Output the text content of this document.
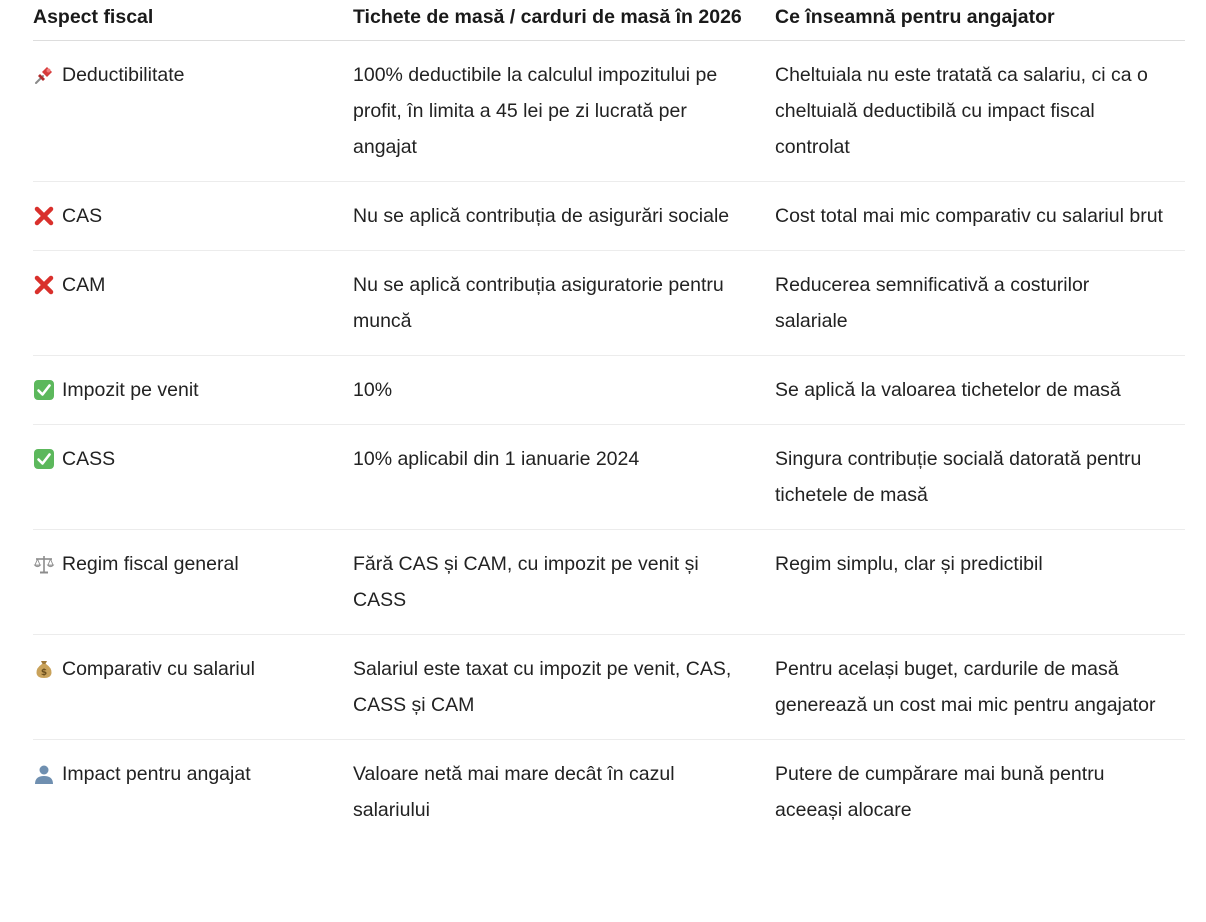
Aspect fiscal	Tichete de masă / carduri de masă în 2026	Ce înseamnă pentru angajator

Deductibilitate	100% deductibile la calculul impozitului pe profit, în limita a 45 lei pe zi lucrată per angajat	Cheltuiala nu este tratată ca salariu, ci ca o cheltuială deductibilă cu impact fiscal controlat

CAS	Nu se aplică contribuția de asigurări sociale	Cost total mai mic comparativ cu salariul brut

CAM	Nu se aplică contribuția asiguratorie pentru muncă	Reducerea semnificativă a costurilor salariale

Impozit pe venit	10%	Se aplică la valoarea tichetelor de masă

CASS	10% aplicabil din 1 ianuarie 2024	Singura contribuție socială datorată pentru tichetele de masă

Regim fiscal general	Fără CAS și CAM, cu impozit pe venit și CASS	Regim simplu, clar și predictibil

$ Comparativ cu salariul	Salariul este taxat cu impozit pe venit, CAS, CASS și CAM	Pentru același buget, cardurile de masă generează un cost mai mic pentru angajator

Impact pentru angajat	Valoare netă mai mare decât în cazul salariului	Putere de cumpărare mai bună pentru aceeași alocare
